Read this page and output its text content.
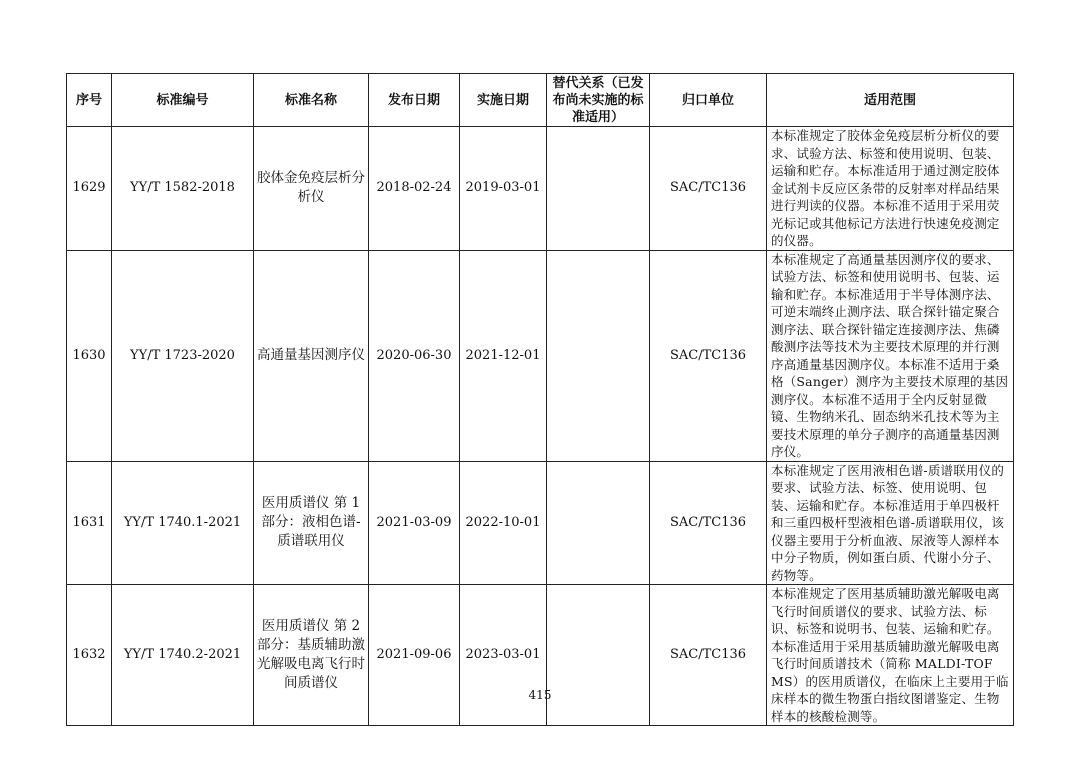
序号	标准编号	标准名称	发布日期	实施日期	替代关系（已发布尚未实施的标准适用）	归口单位	适用范围
1629	YY/T 1582-2018	胶体金免疫层析分析仪	2018-02-24	2019-03-01		SAC/TC136	本标准规定了胶体金免疫层析分析仪的要求、试验方法、标签和使用说明、包装、运输和贮存。本标准适用于通过测定胶体金试剂卡反应区条带的反射率对样品结果进行判读的仪器。本标准不适用于采用荧光标记或其他标记方法进行快速免疫测定的仪器。
1630	YY/T 1723-2020	高通量基因测序仪	2020-06-30	2021-12-01		SAC/TC136	本标准规定了高通量基因测序仪的要求、试验方法、标签和使用说明书、包装、运输和贮存。本标准适用于半导体测序法、可逆末端终止测序法、联合探针锚定聚合测序法、联合探针锚定连接测序法、焦磷酸测序法等技术为主要技术原理的并行测序高通量基因测序仪。本标准不适用于桑格（Sanger）测序为主要技术原理的基因测序仪。本标准不适用于全内反射显微镜、生物纳米孔、固态纳米孔技术等为主要技术原理的单分子测序的高通量基因测序仪。
1631	YY/T 1740.1-2021	医用质谱仪 第 1 部分：液相色谱-质谱联用仪	2021-03-09	2022-10-01		SAC/TC136	本标准规定了医用液相色谱-质谱联用仪的要求、试验方法、标签、使用说明、包装、运输和贮存。本标准适用于单四极杆和三重四极杆型液相色谱-质谱联用仪，该仪器主要用于分析血液、尿液等人源样本中分子物质，例如蛋白质、代谢小分子、药物等。
1632	YY/T 1740.2-2021	医用质谱仪 第 2 部分：基质辅助激光解吸电离飞行时间质谱仪	2021-09-06	2023-03-01		SAC/TC136	本标准规定了医用基质辅助激光解吸电离飞行时间质谱仪的要求、试验方法、标识、标签和说明书、包装、运输和贮存。本标准适用于采用基质辅助激光解吸电离飞行时间质谱技术（简称 MALDI-TOF MS）的医用质谱仪，在临床上主要用于临床样本的微生物蛋白指纹图谱鉴定、生物样本的核酸检测等。
415
